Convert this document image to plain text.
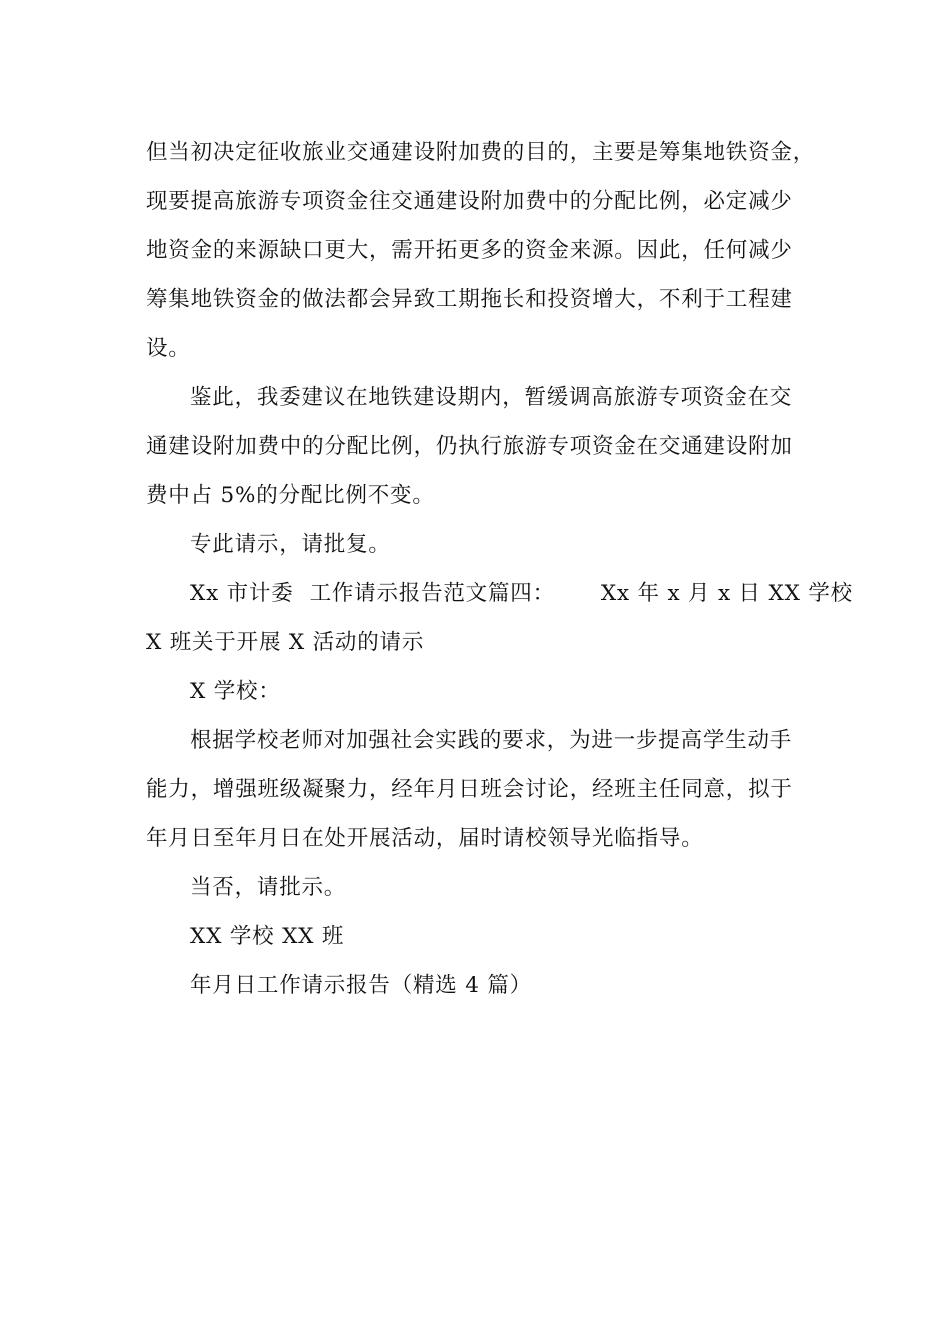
但当初决定征收旅业交通建设附加费的目的，主要是筹集地铁资金，
现要提高旅游专项资金往交通建设附加费中的分配比例，必定减少
地资金的来源缺口更大，需开拓更多的资金来源。因此，任何减少
筹集地铁资金的做法都会异致工期拖长和投资增大，不利于工程建
设。
鉴此，我委建议在地铁建设期内，暂缓调高旅游专项资金在交
通建设附加费中的分配比例，仍执行旅游专项资金在交通建设附加
费中占 5%的分配比例不变。
专此请示，请批复。
Xx 市计委 工作请示报告范文篇四： Xx 年 x 月 x 日 XX 学校
X 班关于开展 X 活动的请示
X 学校：
根据学校老师对加强社会实践的要求，为进一步提高学生动手
能力，增强班级凝聚力，经年月日班会讨论，经班主任同意，拟于
年月日至年月日在处开展活动，届时请校领导光临指导。
当否，请批示。
XX 学校 XX 班
年月日工作请示报告（精选 4 篇）
